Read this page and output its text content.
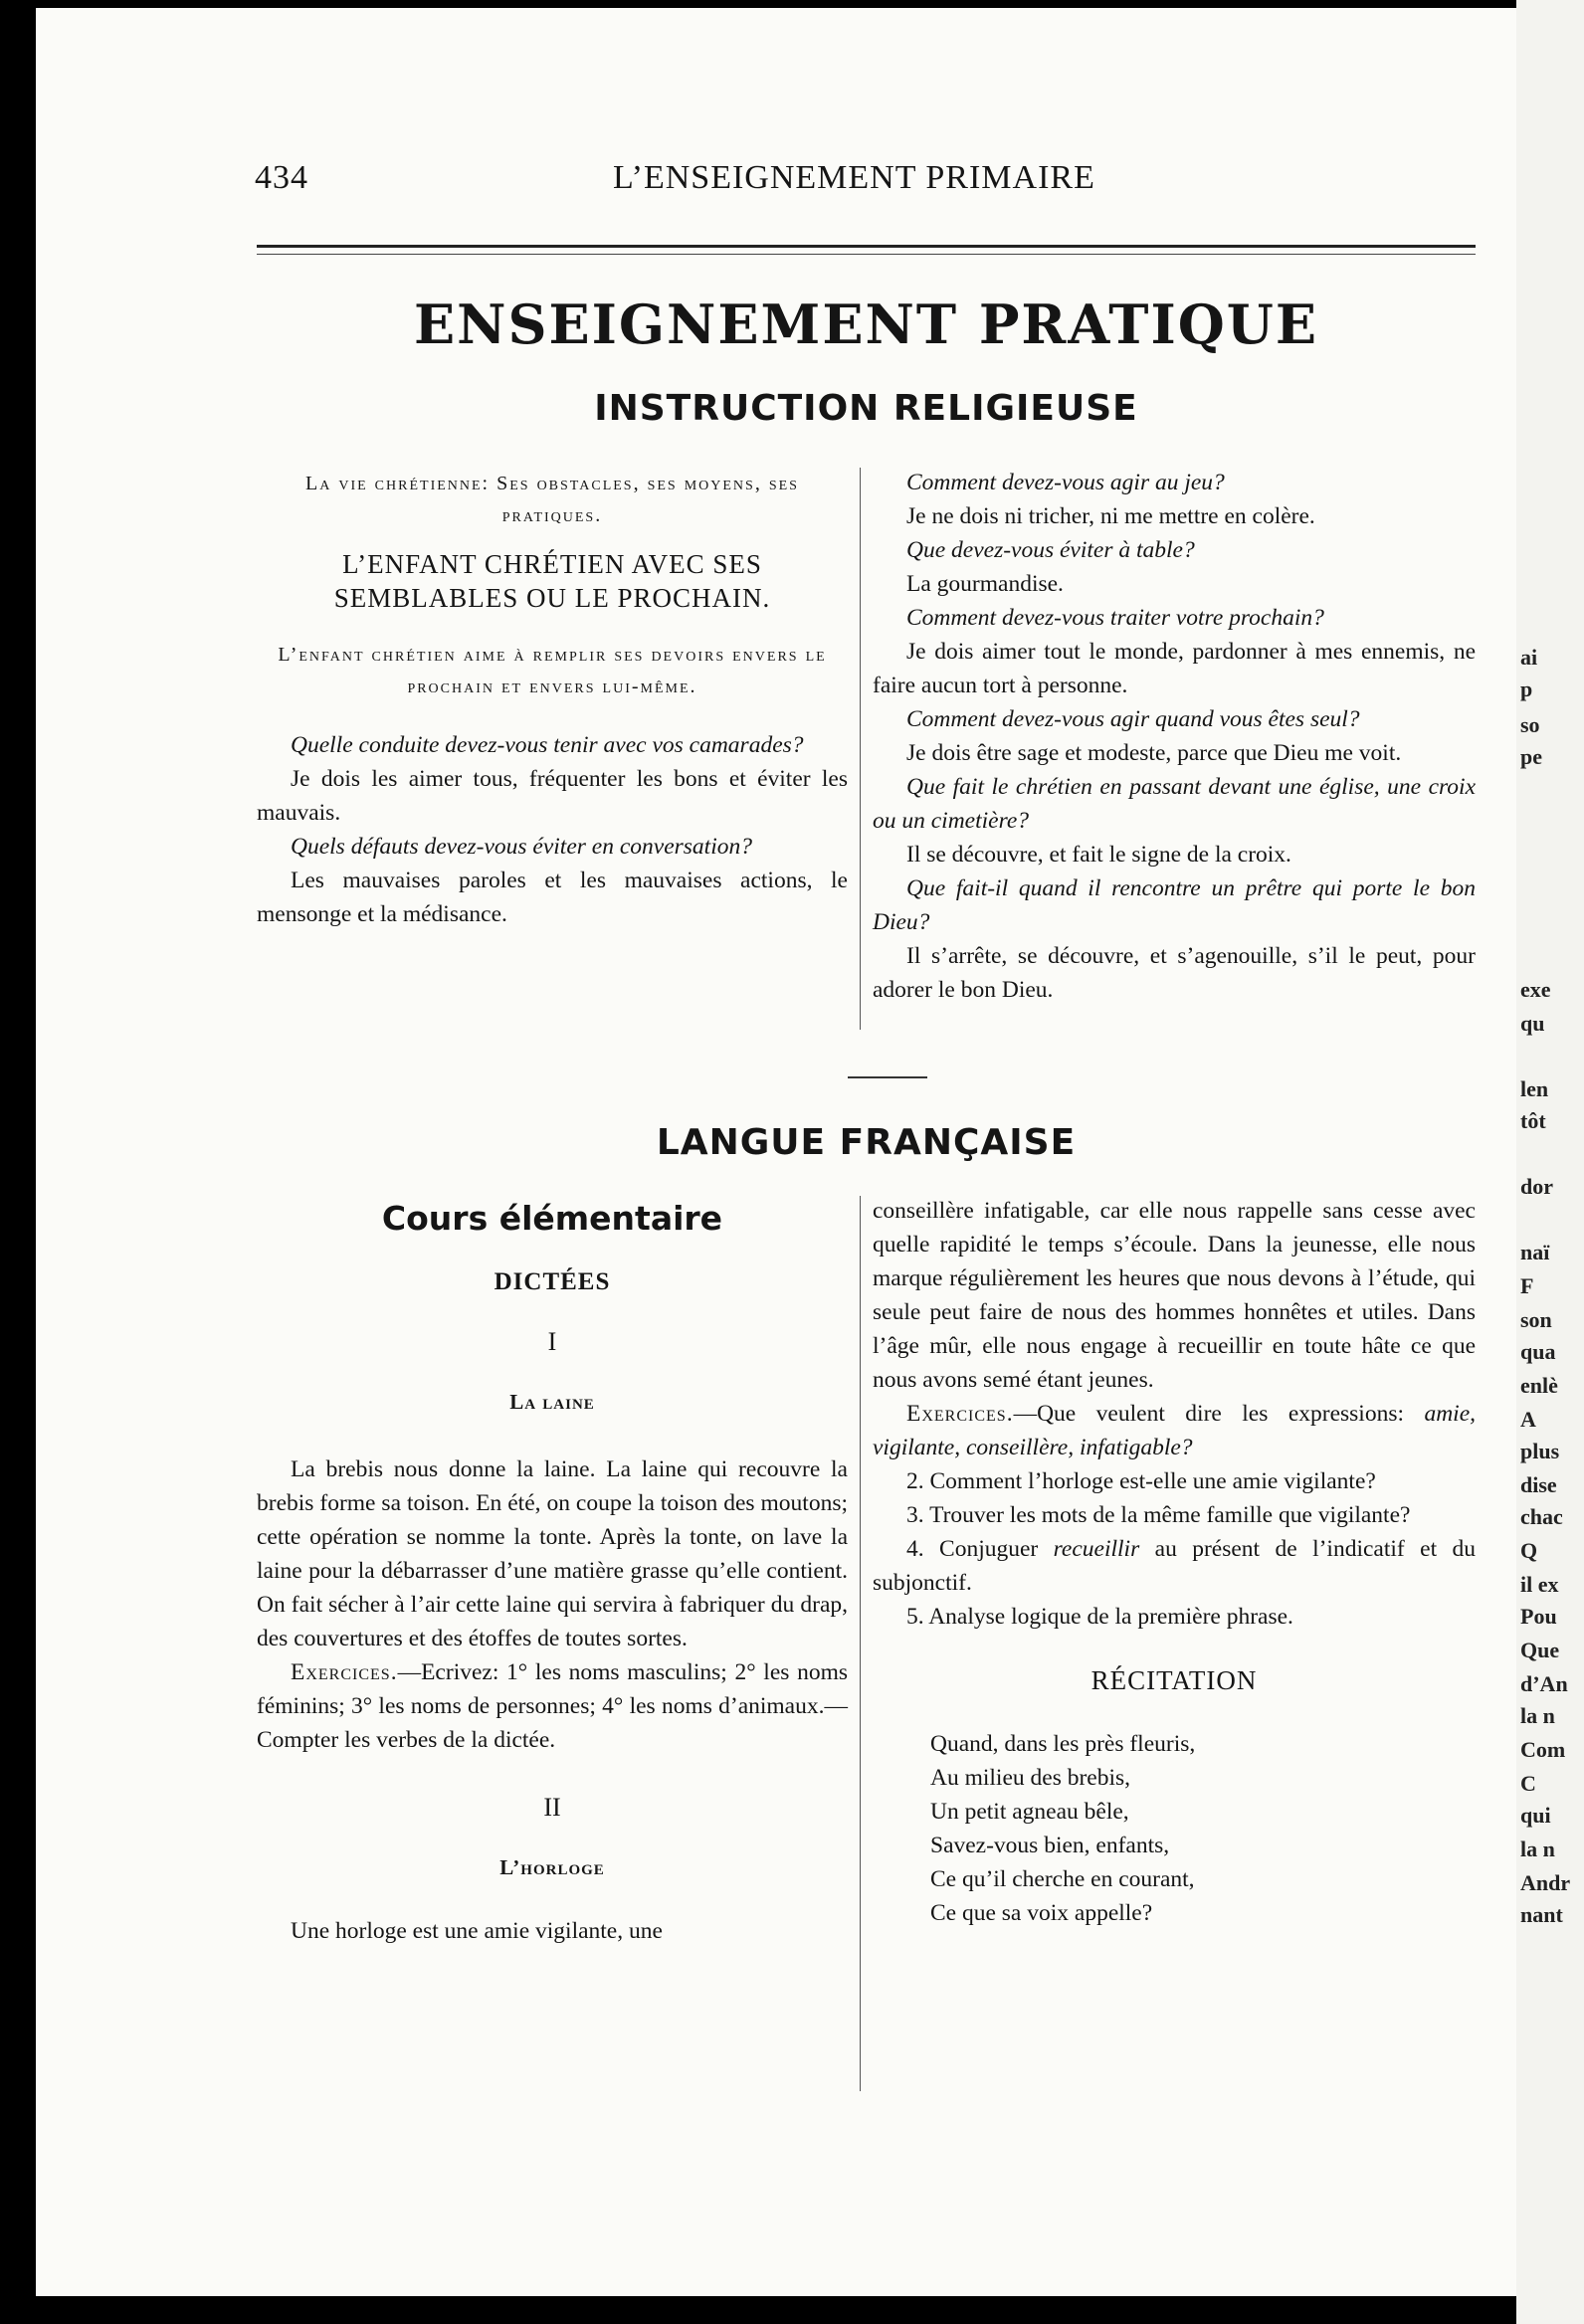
434	L’ENSEIGNEMENT PRIMAIRE
ENSEIGNEMENT PRATIQUE
INSTRUCTION RELIGIEUSE
La vie chrétienne: Ses obstacles, ses moyens, ses pratiques.
L’ENFANT CHRÉTIEN AVEC SES SEMBLABLES OU LE PROCHAIN.
L’enfant chrétien aime à remplir ses devoirs envers le prochain et envers lui-même.

Quelle conduite devez-vous tenir avec vos camarades?

Je dois les aimer tous, fréquenter les bons et éviter les mauvais.

Quels défauts devez-vous éviter en conversation?

Les mauvaises paroles et les mauvaises actions, le mensonge et la médisance.

Comment devez-vous agir au jeu?

Je ne dois ni tricher, ni me mettre en colère.

Que devez-vous éviter à table?

La gourmandise.

Comment devez-vous traiter votre prochain?

Je dois aimer tout le monde, pardonner à mes ennemis, ne faire aucun tort à personne.

Comment devez-vous agir quand vous êtes seul?

Je dois être sage et modeste, parce que Dieu me voit.

Que fait le chrétien en passant devant une église, une croix ou un cimetière?

Il se découvre, et fait le signe de la croix.

Que fait-il quand il rencontre un prêtre qui porte le bon Dieu?

Il s’arrête, se découvre, et s’agenouille, s’il le peut, pour adorer le bon Dieu.

LANGUE FRANÇAISE
Cours élémentaire
DICTÉES
I
La laine

La brebis nous donne la laine. La laine qui recouvre la brebis forme sa toison. En été, on coupe la toison des moutons; cette opération se nomme la tonte. Après la tonte, on lave la laine pour la débarrasser d’une matière grasse qu’elle contient. On fait sécher à l’air cette laine qui servira à fabriquer du drap, des couvertures et des étoffes de toutes sortes.

Exercices.—Ecrivez: 1° les noms masculins; 2° les noms féminins; 3° les noms de personnes; 4° les noms d’animaux.—Compter les verbes de la dictée.

II
L’horloge

Une horloge est une amie vigilante, une

conseillère infatigable, car elle nous rappelle sans cesse avec quelle rapidité le temps s’écoule. Dans la jeunesse, elle nous marque régulièrement les heures que nous devons à l’étude, qui seule peut faire de nous des hommes honnêtes et utiles. Dans l’âge mûr, elle nous engage à recueillir en toute hâte ce que nous avons semé étant jeunes.

Exercices.—Que veulent dire les expressions: amie, vigilante, conseillère, infatigable?

2. Comment l’horloge est-elle une amie vigilante?

3. Trouver les mots de la même famille que vigilante?

4. Conjuguer recueillir au présent de l’indicatif et du subjonctif.

5. Analyse logique de la première phrase.

RÉCITATION
Quand, dans les près fleuris,
Au milieu des brebis,
Un petit agneau bêle,
Savez-vous bien, enfants,
Ce qu’il cherche en courant,
Ce que sa voix appelle?
ai
p
so
pe
exe
qu
len
tôt
dor
naï
F
son
qua
enlè
A
plus
dise
chac
Q
il ex
Pou
Que
d’An
la n
Com
C
qui
la n
Andr
nant
